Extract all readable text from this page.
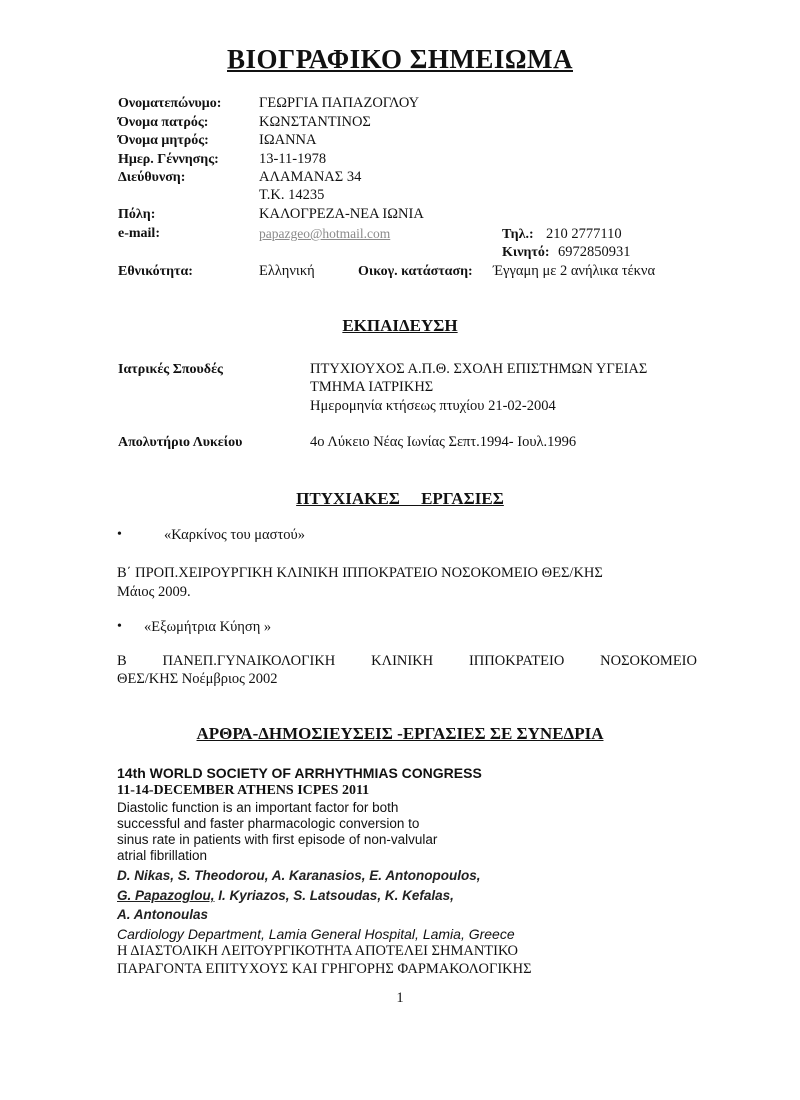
ΒΙΟΓΡΑΦΙΚΟ ΣΗΜΕΙΩΜΑ
Ονοματεπώνυμο:	ΓΕΩΡΓΙΑ ΠΑΠΑΖΟΓΛΟΥ
Όνομα πατρός:	ΚΩΝΣΤΑΝΤΙΝΟΣ
Όνομα μητρός:	ΙΩΑΝΝΑ
Ημερ. Γέννησης:	13-11-1978
Διεύθυνση:	ΑΛΑΜΑΝΑΣ 34
Τ.Κ. 14235
Πόλη:	ΚΑΛΟΓΡΕΖΑ-ΝΕΑ ΙΩΝΙΑ
e-mail:	papazgeo@hotmail.com	Τηλ.: 210 2777110
Κινητό: 6972850931
Εθνικότητα:	Ελληνική	Οικογ. κατάσταση: Έγγαμη με 2 ανήλικα τέκνα
ΕΚΠΑΙΔΕΥΣΗ
Ιατρικές Σπουδές	ΠΤΥΧΙΟΥΧΟΣ Α.Π.Θ. ΣΧΟΛΗ ΕΠΙΣΤΗΜΩΝ ΥΓΕΙΑΣ
ΤΜΗΜΑ ΙΑΤΡΙΚΗΣ
Ημερομηνία κτήσεως πτυχίου 21-02-2004
Απολυτήριο Λυκείου	4ο Λύκειο Νέας Ιωνίας Σεπτ.1994- Ιουλ.1996
ΠΤΥΧΙΑΚΕΣ     ΕΡΓΑΣΙΕΣ
•	«Καρκίνος του μαστού»
Β΄ ΠΡΟΠ.ΧΕΙΡΟΥΡΓΙΚΗ ΚΛΙΝΙΚΗ ΙΠΠΟΚΡΑΤΕΙΟ ΝΟΣΟΚΟΜΕΙΟ ΘΕΣ/ΚΗΣ
Μάιος 2009.
• «Εξωμήτρια Κύηση »
Β ΠΑΝΕΠ.ΓΥΝΑΙΚΟΛΟΓΙΚΗ ΚΛΙΝΙΚΗ ΙΠΠΟΚΡΑΤΕΙΟ ΝΟΣΟΚΟΜΕΙΟ
ΘΕΣ/ΚΗΣ Νοέμβριος 2002
ΑΡΘΡΑ-ΔΗΜΟΣΙΕΥΣΕΙΣ -ΕΡΓΑΣΙΕΣ ΣΕ ΣΥΝΕΔΡΙΑ
14th WORLD SOCIETY OF ARRHYTHMIAS CONGRESS
11-14-DECEMBER ATHENS ICPES 2011
Diastolic function is an important factor for both
successful and faster pharmacologic conversion to
sinus rate in patients with first episode of non-valvular
atrial fibrillation
D. Nikas, S. Theodorou, A. Karanasios, E. Antonopoulos,
G. Papazoglou, I. Kyriazos, S. Latsoudas, K. Kefalas,
A. Antonoulas
Cardiology Department, Lamia General Hospital, Lamia, Greece
Η ΔΙΑΣΤΟΛΙΚΗ ΛΕΙΤΟΥΡΓΙΚΟΤΗΤΑ ΑΠΟΤΕΛΕΙ ΣΗΜΑΝΤΙΚΟ
ΠΑΡΑΓΟΝΤΑ ΕΠΙΤΥΧΟΥΣ ΚΑΙ ΓΡΗΓΟΡΗΣ ΦΑΡΜΑΚΟΛΟΓΙΚΗΣ
1
